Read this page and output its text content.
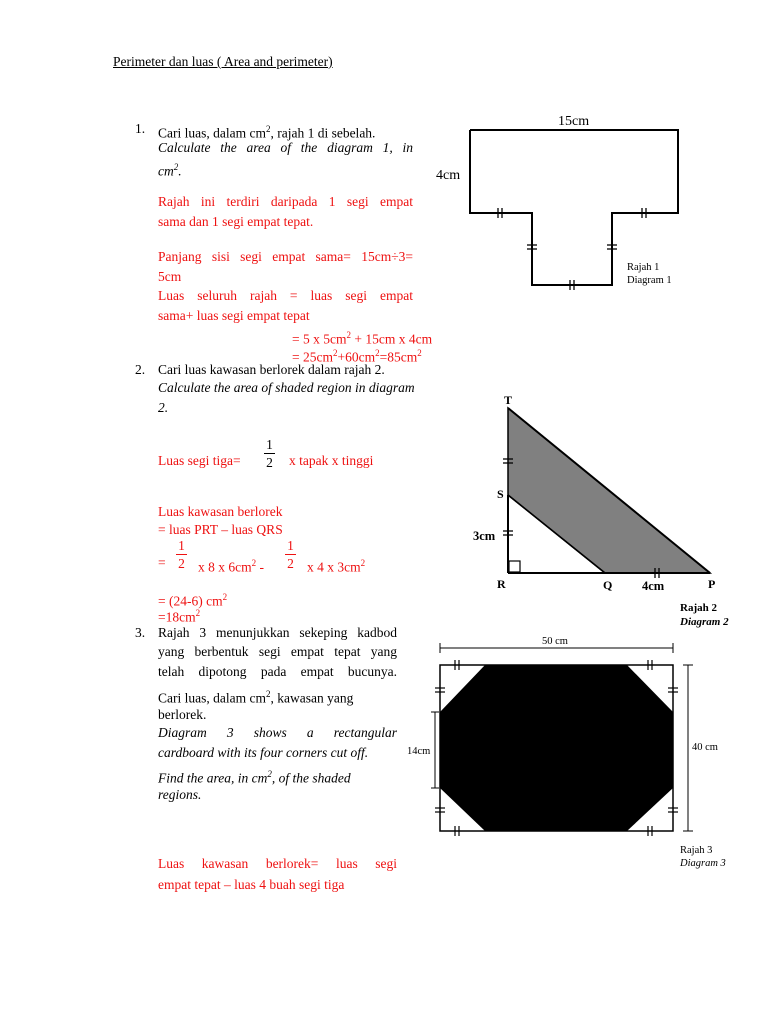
Perimeter dan luas ( Area and perimeter)
1. Cari luas, dalam $cm^2$, rajah 1 di sebelah.
Calculate the area of the diagram 1, in
$cm^2$.
Rajah ini terdiri daripada 1 segi empat
sama dan 1 segi empat tepat.
Panjang sisi segi empat sama= 15cm÷3=
5cm
Luas seluruh rajah = luas segi empat
sama+ luas segi empat tepat
= 5 x $5cm^2 + 15cm$ x 4cm
= $25cm^2+60cm^2=85cm^2$
15cm
4cm
Rajah 1
Diagram 1
2. Cari luas kawasan berlorek dalam rajah 2.
Calculate the area of shaded region in diagram
2.
Luas segi tiga=
1
2 x tapak x tinggi
Luas kawasan berlorek
= luas PRT – luas QRS
=
1
2 x 8 x $6cm^2$ -
1
2 x 4 x $3cm^2$
= (24-6) $cm^2$
$=18cm^2$
T
S
R	Q	P
3cm
4cm
Rajah 2
Diagram 2
3. Rajah 3 menunjukkan sekeping kadbod
yang berbentuk segi empat tepat yang
telah dipotong pada empat bucunya.
Cari luas, dalam $cm^2$, kawasan yang
berlorek.
Diagram 3 shows a rectangular
cardboard with its four corners cut off.
Find the area, in $cm^2$, of the shaded
regions.
Luas kawasan berlorek= luas segi
empat tepat – luas 4 buah segi tiga
50 cm
40 cm
14cm
Rajah 3
Diagram 3
